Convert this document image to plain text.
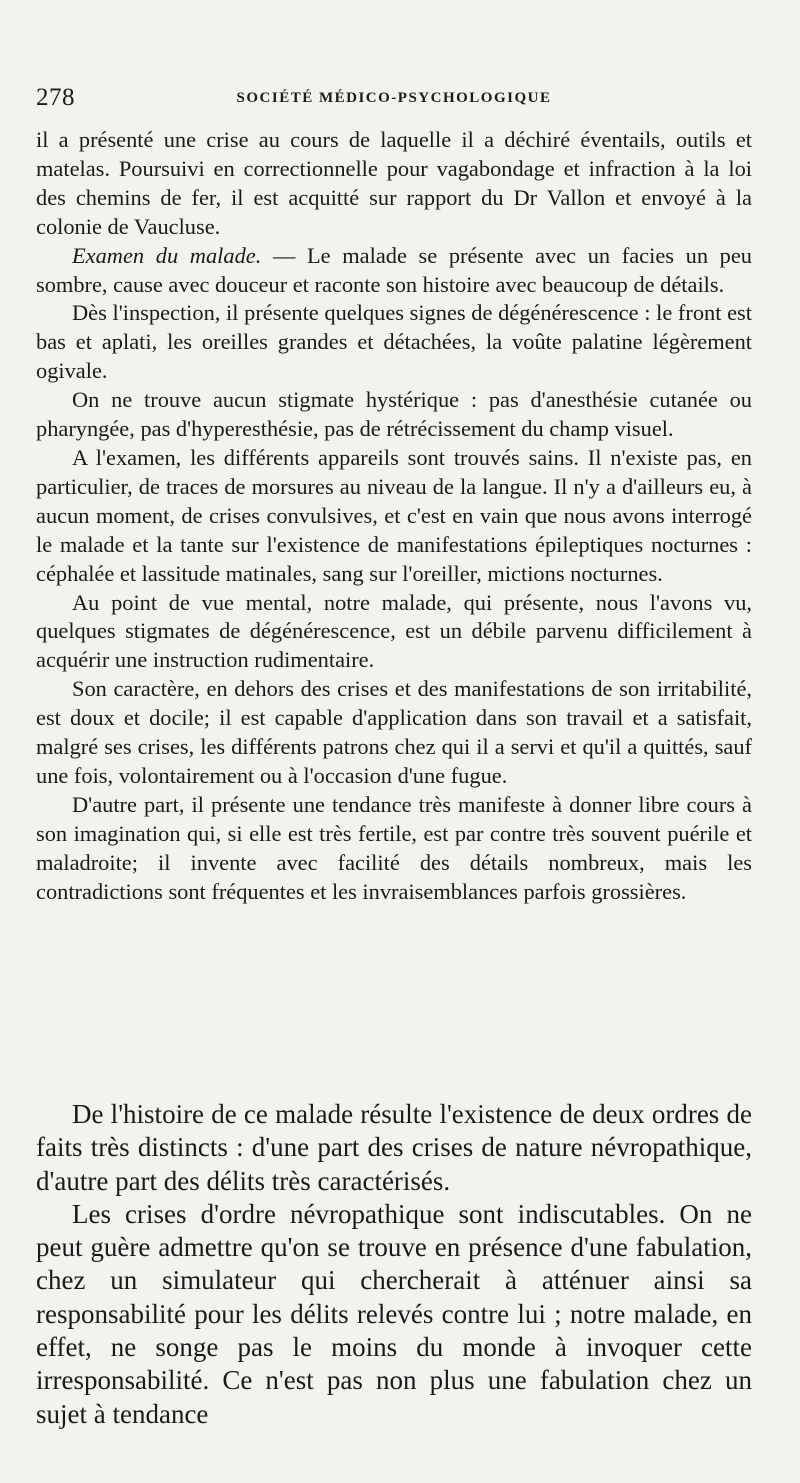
278	SOCIÉTÉ MÉDICO-PSYCHOLOGIQUE

il a présenté une crise au cours de laquelle il a déchiré éventails, outils et matelas. Poursuivi en correctionnelle pour vagabondage et infraction à la loi des chemins de fer, il est acquitté sur rapport du Dr Vallon et envoyé à la colonie de Vaucluse.

Examen du malade. — Le malade se présente avec un facies un peu sombre, cause avec douceur et raconte son histoire avec beaucoup de détails.

Dès l'inspection, il présente quelques signes de dégénérescence : le front est bas et aplati, les oreilles grandes et détachées, la voûte palatine légèrement ogivale.

On ne trouve aucun stigmate hystérique : pas d'anesthésie cutanée ou pharyngée, pas d'hyperesthésie, pas de rétrécissement du champ visuel.

A l'examen, les différents appareils sont trouvés sains. Il n'existe pas, en particulier, de traces de morsures au niveau de la langue. Il n'y a d'ailleurs eu, à aucun moment, de crises convulsives, et c'est en vain que nous avons interrogé le malade et la tante sur l'existence de manifestations épileptiques nocturnes : céphalée et lassitude matinales, sang sur l'oreiller, mictions nocturnes.

Au point de vue mental, notre malade, qui présente, nous l'avons vu, quelques stigmates de dégénérescence, est un débile parvenu difficilement à acquérir une instruction rudimentaire.

Son caractère, en dehors des crises et des manifestations de son irritabilité, est doux et docile; il est capable d'application dans son travail et a satisfait, malgré ses crises, les différents patrons chez qui il a servi et qu'il a quittés, sauf une fois, volontairement ou à l'occasion d'une fugue.

D'autre part, il présente une tendance très manifeste à donner libre cours à son imagination qui, si elle est très fertile, est par contre très souvent puérile et maladroite; il invente avec facilité des détails nombreux, mais les contradictions sont fréquentes et les invraisemblances parfois grossières.

De l'histoire de ce malade résulte l'existence de deux ordres de faits très distincts : d'une part des crises de nature névropathique, d'autre part des délits très caractérisés.

Les crises d'ordre névropathique sont indiscutables. On ne peut guère admettre qu'on se trouve en présence d'une fabulation, chez un simulateur qui chercherait à atténuer ainsi sa responsabilité pour les délits relevés contre lui ; notre malade, en effet, ne songe pas le moins du monde à invoquer cette irresponsabilité. Ce n'est pas non plus une fabulation chez un sujet à tendance
